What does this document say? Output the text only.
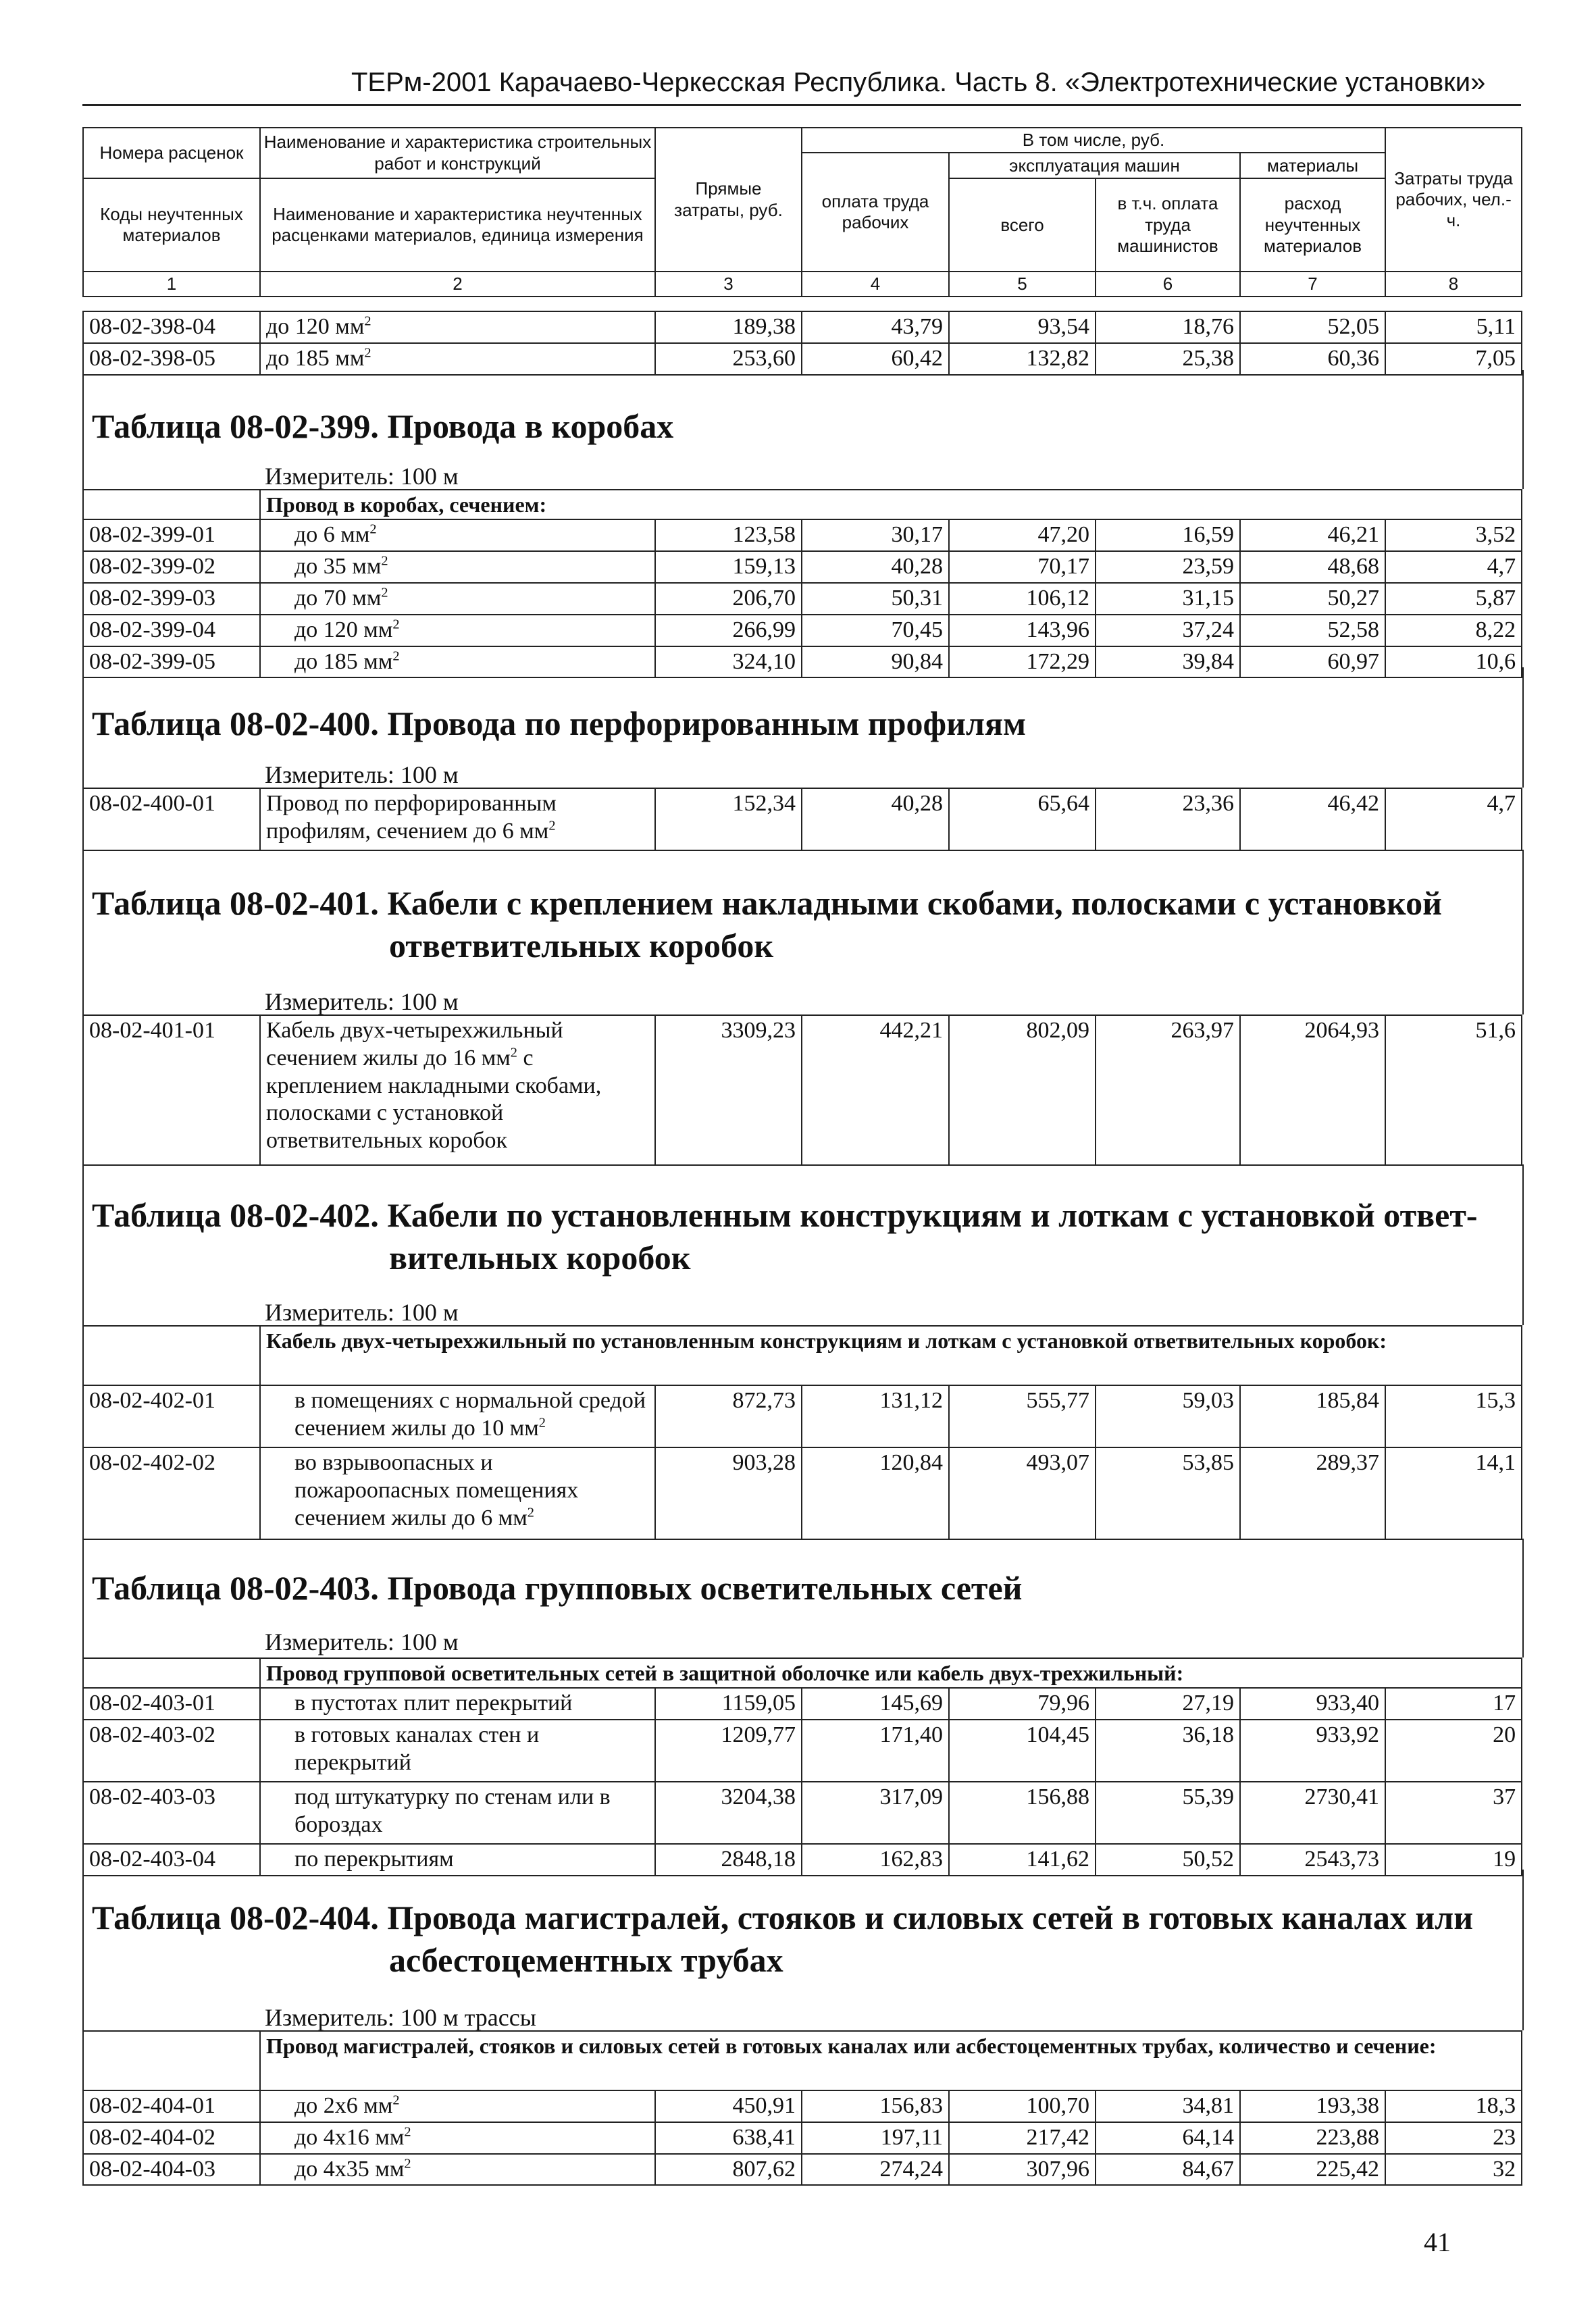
ТЕРм-2001 Карачаево-Черкесская Республика. Часть 8. «Электротехнические установки»
Номера расценок	Наименование и характеристика строительных работ и конструкций	Прямые затраты, руб.	В том числе, руб.				Затраты труда рабочих, чел.-ч.
			оплата труда рабочих	эксплуатация машин		материалы	
Коды неучтенных материалов	Наименование и характеристика неучтенных расценками материалов, единица измерения			всего	в т.ч. оплата труда машинистов	расход неучтенных материалов	

1	2	3	4	5	6	7	8
08-02-398-04	до 120 $мм^2$	189,38	43,79	93,54	18,76	52,05	5,11
08-02-398-05	до 185 $мм^2$	253,60	60,42	132,82	25,38	60,36	7,05
Таблица 08-02-399. Провода в коробах
Измеритель: 100 м
	Провод в коробах, сечением:						
08-02-399-01	до 6 $мм^2$	123,58	30,17	47,20	16,59	46,21	3,52
08-02-399-02	до 35 $мм^2$	159,13	40,28	70,17	23,59	48,68	4,7
08-02-399-03	до 70 $мм^2$	206,70	50,31	106,12	31,15	50,27	5,87
08-02-399-04	до 120 $мм^2$	266,99	70,45	143,96	37,24	52,58	8,22
08-02-399-05	до 185 $мм^2$	324,10	90,84	172,29	39,84	60,97	10,6
Таблица 08-02-400. Провода по перфорированным профилям
Измеритель: 100 м
08-02-400-01	Провод по перфорированным профилям, сечением до 6 $мм^2$	152,34	40,28	65,64	23,36	46,42	4,7
Таблица 08-02-401. Кабели с креплением накладными скобами, полосками с установкой
ответвительных коробок
Измеритель: 100 м
08-02-401-01	Кабель двух-четырехжильный сечением жилы до 16 $мм^2$ с креплением накладными скобами, полосками с установкой ответвительных коробок	3309,23	442,21	802,09	263,97	2064,93	51,6
Таблица 08-02-402. Кабели по установленным конструкциям и лоткам с установкой ответ-
вительных коробок
Измеритель: 100 м
	Кабель двух-четырехжильный по установленным конструкциям и лоткам с установкой ответвительных коробок:						
08-02-402-01	в помещениях с нормальной средой сечением жилы до 10 $мм^2$	872,73	131,12	555,77	59,03	185,84	15,3
08-02-402-02	во взрывоопасных и пожароопасных помещениях сечением жилы до 6 $мм^2$	903,28	120,84	493,07	53,85	289,37	14,1
Таблица 08-02-403. Провода групповых осветительных сетей
Измеритель: 100 м
	Провод групповой осветительных сетей в защитной оболочке или кабель двух-трехжильный:						
08-02-403-01	в пустотах плит перекрытий	1159,05	145,69	79,96	27,19	933,40	17
08-02-403-02	в готовых каналах стен и перекрытий	1209,77	171,40	104,45	36,18	933,92	20
08-02-403-03	под штукатурку по стенам или в бороздах	3204,38	317,09	156,88	55,39	2730,41	37
08-02-403-04	по перекрытиям	2848,18	162,83	141,62	50,52	2543,73	19
Таблица 08-02-404. Провода магистралей, стояков и силовых сетей в готовых каналах или
асбестоцементных трубах
Измеритель: 100 м трассы
	Провод магистралей, стояков и силовых сетей в готовых каналах или асбестоцементных трубах, количество и сечение:						
08-02-404-01	до 2х6 $мм^2$	450,91	156,83	100,70	34,81	193,38	18,3
08-02-404-02	до 4х16 $мм^2$	638,41	197,11	217,42	64,14	223,88	23
08-02-404-03	до 4х35 $мм^2$	807,62	274,24	307,96	84,67	225,42	32
41
